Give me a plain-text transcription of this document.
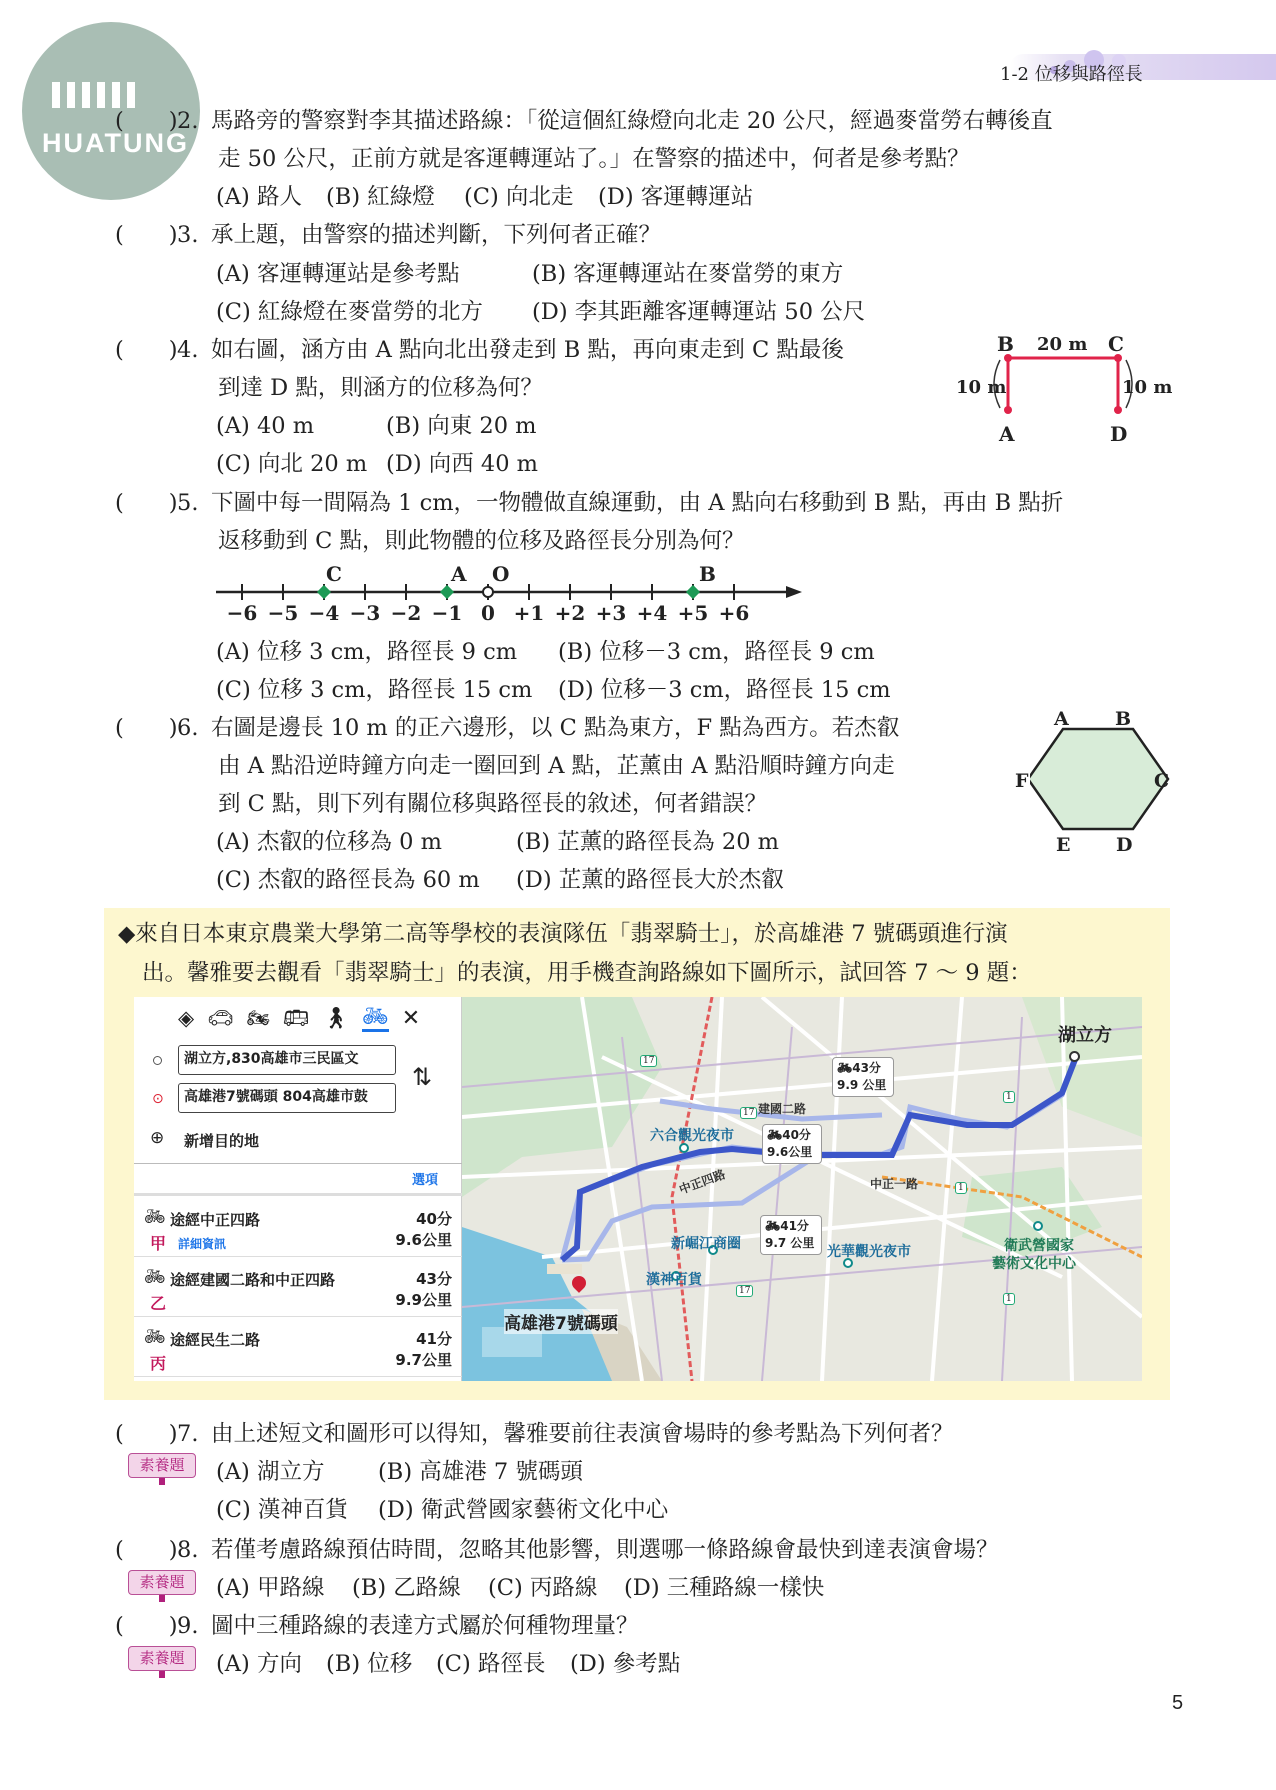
HUATUNG
1-2 位移與路徑長
(　　)2. 馬路旁的警察對李其描述路線：「從這個紅綠燈向北走 20 公尺，經過麥當勞右轉後直
走 50 公尺，正前方就是客運轉運站了。」在警察的描述中，何者是參考點？
(A) 路人 (B) 紅綠燈 (C) 向北走 (D) 客運轉運站
(　　)3. 承上題，由警察的描述判斷，下列何者正確？
(A) 客運轉運站是參考點	(B) 客運轉運站在麥當勞的東方
(C) 紅綠燈在麥當勞的北方 (D) 李其距離客運轉運站 50 公尺
(　　)4. 如右圖，涵方由 A 點向北出發走到 B 點，再向東走到 C 點最後
到達 D 點，則涵方的位移為何？
(A) 40 m	(B) 向東 20 m
(C) 向北 20 m (D) 向西 40 m
B 20 m C
10 m	10 m
A	D
(　　)5. 下圖中每一間隔為 1 cm，一物體做直線運動，由 A 點向右移動到 B 點，再由 B 點折
返移動到 C 點，則此物體的位移及路徑長分別為何？
C	A O	B
−6 −5 −4 −3 −2 −1 0 +1 +2 +3 +4 +5 +6
(A) 位移 3 cm，路徑長 9 cm (B) 位移－3 cm，路徑長 9 cm
(C) 位移 3 cm，路徑長 15 cm (D) 位移－3 cm，路徑長 15 cm
(　　)6. 右圖是邊長 10 m 的正六邊形，以 C 點為東方，F 點為西方。若杰叡
由 A 點沿逆時鐘方向走一圈回到 A 點，芷薰由 A 點沿順時鐘方向走
到 C 點，則下列有關位移與路徑長的敘述，何者錯誤？
(A) 杰叡的位移為 0 m	(B) 芷薰的路徑長為 20 m
(C) 杰叡的路徑長為 60 m (D) 芷薰的路徑長大於杰叡
A B
C
D
E
F
◆來自日本東京農業大學第二高等學校的表演隊伍「翡翠騎士」，於高雄港 7 號碼頭進行演
出。馨雅要去觀看「翡翠騎士」的表演，用手機查詢路線如下圖所示，試回答 7 ～ 9 題：
◈ 🚗︎ 🏍︎ 🚌︎ 🚶︎ 🚲︎ ✕
湖立方,830高雄市三民區文
⊙	高雄港7號碼頭 804高雄市鼓
⇅
⊕ 新增目的地
選項
🚲︎ 途經中正四路
甲 詳細資訊
40分
9.6公里
🚲︎ 途經建國二路和中正四路
乙
43分
9.9公里
🚲︎ 途經民生二路
丙
41分
9.7公里
湖立方
高雄港7號碼頭
六合觀光夜市
新崛江商圈
漢神百貨
光華觀光夜市	衛武營國家
藝術文化中心
建國二路
中正四路	中正一路
🚲︎43分
9.9 公里
🚲︎40分
9.6公里
🚲︎41分
9.7 公里
17
17
17
1
1
1
(　　)7. 由上述短文和圖形可以得知，馨雅要前往表演會場時的參考點為下列何者？
素養題	(A) 湖立方 (B) 高雄港 7 號碼頭
(C) 漢神百貨 (D) 衛武營國家藝術文化中心
(　　)8. 若僅考慮路線預估時間，忽略其他影響，則選哪一條路線會最快到達表演會場？
素養題	(A) 甲路線 (B) 乙路線 (C) 丙路線 (D) 三種路線一樣快
(　　)9. 圖中三種路線的表達方式屬於何種物理量？
素養題	(A) 方向 (B) 位移 (C) 路徑長 (D) 參考點
5
